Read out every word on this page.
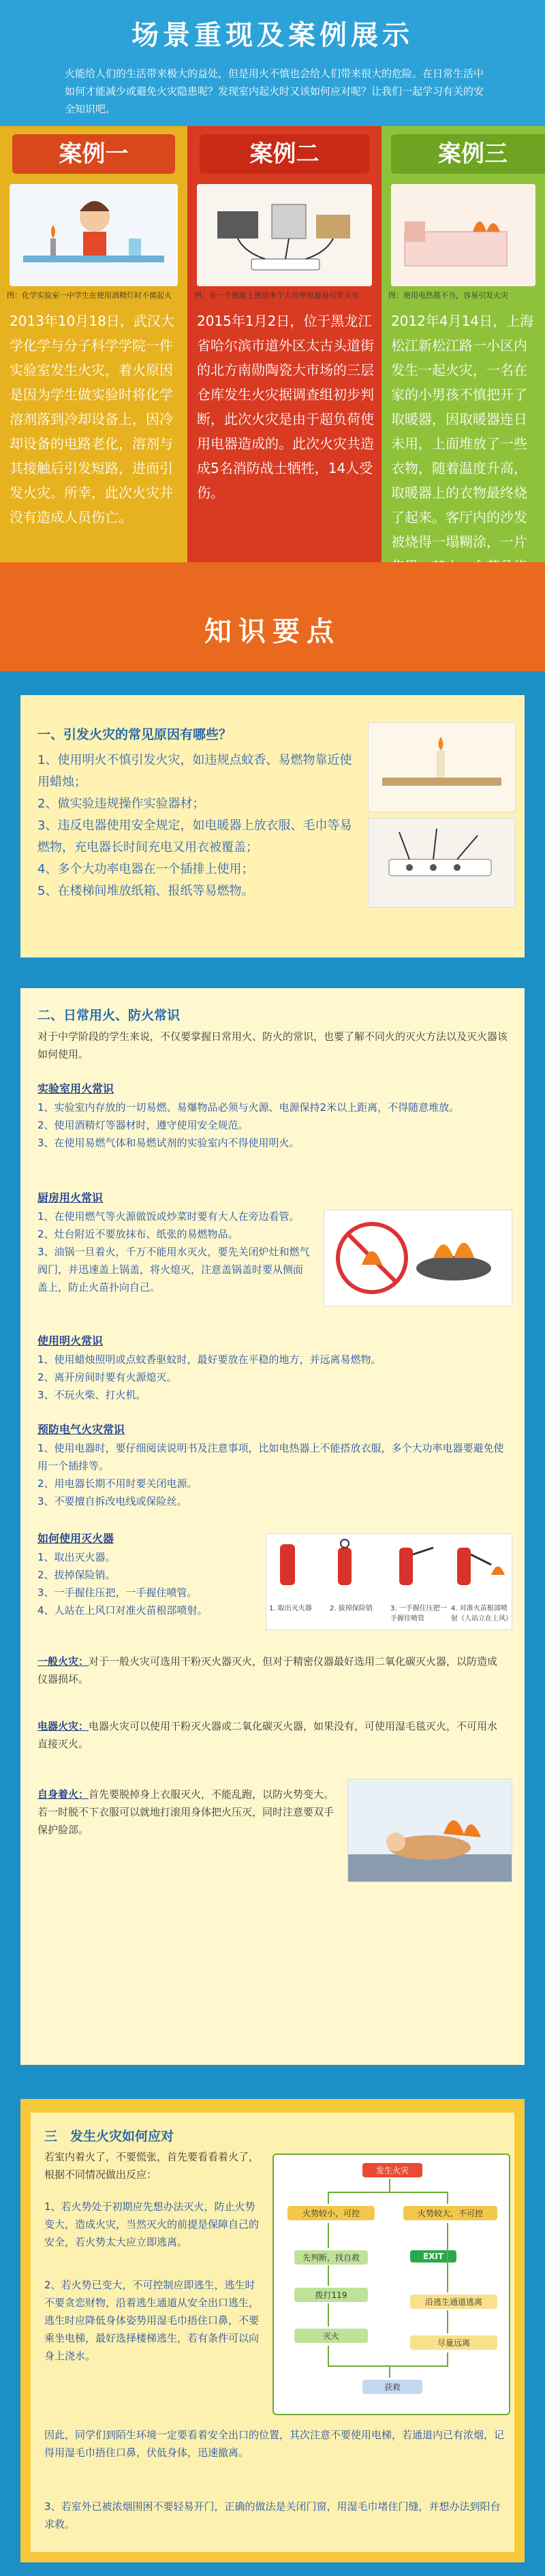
场景重现及案例展示
火能给人们的生活带来极大的益处，但是用火不慎也会给人们带来很大的危险。在日常生活中如何才能减少或避免火灾隐患呢？发现室内起火时又该如何应对呢？让我们一起学习有关的安全知识吧。
案例一
图：化学实验室一中学生在使用酒精灯时不慎起火
2013年10月18日，武汉大学化学与分子科学学院一件实验室发生火灾，着火原因是因为学生做实验时将化学溶剂落到冷却设备上，因冷却设备的电路老化，溶剂与其接触后引发短路，进而引发火灾。所幸，此次火灾并没有造成人员伤亡。
案例二
图：在一个插座上使用多个大功率电器易引发火灾
2015年1月2日，位于黑龙江省哈尔滨市道外区太古头道街的北方南勋陶瓷大市场的三层仓库发生火灾据调查组初步判断，此次火灾是由于超负荷使用电器造成的。此次火灾共造成5名消防战士牺牲，14人受伤。
案例三
图：使用电热毯不当，容易引发火灾
2012年4月14日，上海松江新松江路一小区内发生一起火灾，一名在家的小男孩不慎把开了取暖器，因取暖器连日未用，上面堆放了一些衣物，随着温度升高，取暖器上的衣物最终烧了起来。客厅内的沙发被烧得一塌糊涂，一片
知识要点
一、引发火灾的常见原因有哪些？
1、使用明火不慎引发火灾，如违规点蚊香、易燃物靠近使用蜡烛；
2、做实验违规操作实验器材；
3、违反电器使用安全规定，如电暖器上放衣服、毛巾等易燃物，充电器长时间充电又用衣被覆盖；
4、多个大功率电器在一个插排上使用；
5、在楼梯间堆放纸箱、报纸等易燃物。
二、日常用火、防火常识
对于中学阶段的学生来说，不仅要掌握日常用火、防火的常识，也要了解不同火的灭火方法以及灭火器该如何使用。
实验室用火常识
1、实验室内存放的一切易燃、易爆物品必须与火源、电源保持2米以上距离，不得随意堆放。
2、使用酒精灯等器材时，遵守使用安全规范。
3、在使用易燃气体和易燃试剂的实验室内不得使用明火。
厨房用火常识
1、在使用燃气等火源做饭或炒菜时要有大人在旁边看管。
2、灶台附近不要放抹布、纸张的易燃物品。
3、油锅一旦着火，千万不能用水灭火，要先关闭炉灶和燃气阀门，并迅速盖上锅盖，将火熄灭，注意盖锅盖时要从侧面盖上，防止火苗扑向自己。
使用明火常识
1、使用蜡烛照明或点蚊香驱蚊时，最好要放在平稳的地方，并远离易燃物。
2、离开房间时要有火源熄灭。
3、不玩火柴、打火机。
预防电气火灾常识
1、使用电器时，要仔细阅读说明书及注意事项，比如电热器上不能搭放衣服，多个大功率电器要避免使用一个插排等。
2、用电器长期不用时要关闭电源。
3、不要擅自拆改电线或保险丝。
如何使用灭火器
1、取出灭火器。
2、拔掉保险销。
3、一手握住压把，一手握住喷管。
4、人站在上风口对准火苗根部喷射。	1. 取出灭火器	2. 拔掉保险销	3. 一手握住压把一手握住喷管
4. 对准火苗根部喷射（人站立在上风）
一般火灾：对于一般火灾可选用干粉灭火器灭火，但对于精密仪器最好选用二氧化碳灭火器，以防造成仪器损坏。
电器火灾：电器火灾可以使用干粉灭火器或二氧化碳灭火器，如果没有，可使用湿毛毯灭火，不可用水直接灭火。
自身着火：首先要脱掉身上衣服灭火，不能乱跑，以防火势变大。若一时脱不下衣服可以就地打滚用身体把火压灭，同时注意要双手保护脸部。
三　发生火灾如何应对
若室内着火了，不要慌张，首先要看看着火了，根据不同情况做出反应：
1、若火势处于初期应先想办法灭火，防止火势变大，造成火灾，当然灭火的前提是保障自己的安全，若火势太大应立即逃离。
2、若火势已变大，不可控制应即逃生，逃生时不要贪恋财物，沿着逃生通道从安全出口逃生，逃生时应降低身体姿势用湿毛巾捂住口鼻，不要乘坐电梯，最好选择楼梯逃生，若有条件可以向身上浇水。
因此，同学们到陌生环境一定要看着安全出口的位置，其次注意不要使用电梯，若通道内已有浓烟，记得用湿毛巾捂住口鼻，伏低身体，迅速撤离。
3、若室外已被浓烟围困不要轻易开门，正确的做法是关闭门窗，用湿毛巾堵住门缝，并想办法到阳台求救。
发生火灾
火势较小，可控	火势较大，不可控
先判断，找自救	EXIT
拨打119
沿逃生通道逃离
灭火
尽量远离
获救
